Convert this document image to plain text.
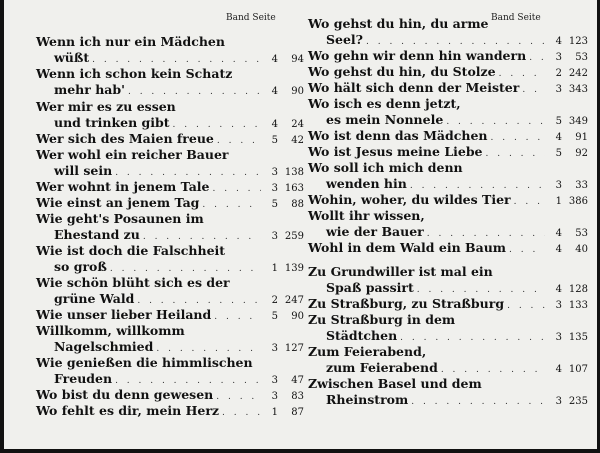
Band Seite	Band Seite
Wenn ich nur ein Mädchen
wüßt . . .	4	94
Wenn ich schon kein Schatz
mehr hab' . . .	4	90
Wer mir es zu essen
und trinken gibt . . .	4	24
Wer sich des Maien freue . . .	5	42
Wer wohl ein reicher Bauer
will sein . . .	3 138
Wer wohnt in jenem Tale . . .	3 163
Wie einst an jenem Tag . . .	5	88
Wie geht's Posaunen im
Ehestand zu . . .	3 259
Wie ist doch die Falschheit
so groß . . .	1 139
Wie schön blüht sich es der
grüne Wald . . .	2 247
Wie unser lieber Heiland . . .	5	90
Willkomm, willkomm
Nagelschmied . . .	3 127
Wie genießen die himmlischen
Freuden . . .	3	47
Wo bist du denn gewesen . . .	3	83
Wo fehlt es dir, mein Herz . . .	1	87
Wo gehst du hin, du arme
Seel? . . .	4 123
Wo gehn wir denn hin wandern . . .	3	53
Wo gehst du hin, du Stolze . . .	2 242
Wo hält sich denn der Meister . . .	3 343
Wo isch es denn jetzt,
es mein Nonnele . . .	5 349
Wo ist denn das Mädchen . . .	4	91
Wo ist Jesus meine Liebe . . .	5	92
Wo soll ich mich denn
wenden hin . . .	3	33
Wohin, woher, du wildes Tier . . .	1 386
Wollt ihr wissen,
wie der Bauer . . .	4	53
Wohl in dem Wald ein Baum . . .	4	40
Zu Grundwiller ist mal ein
Spaß passirt . . .	4 128
Zu Straßburg, zu Straßburg . . .	3 133
Zu Straßburg in dem
Städtchen . . .	3 135
Zum Feierabend,
zum Feierabend . . .	4 107
Zwischen Basel und dem
Rheinstrom . . .	3 235
